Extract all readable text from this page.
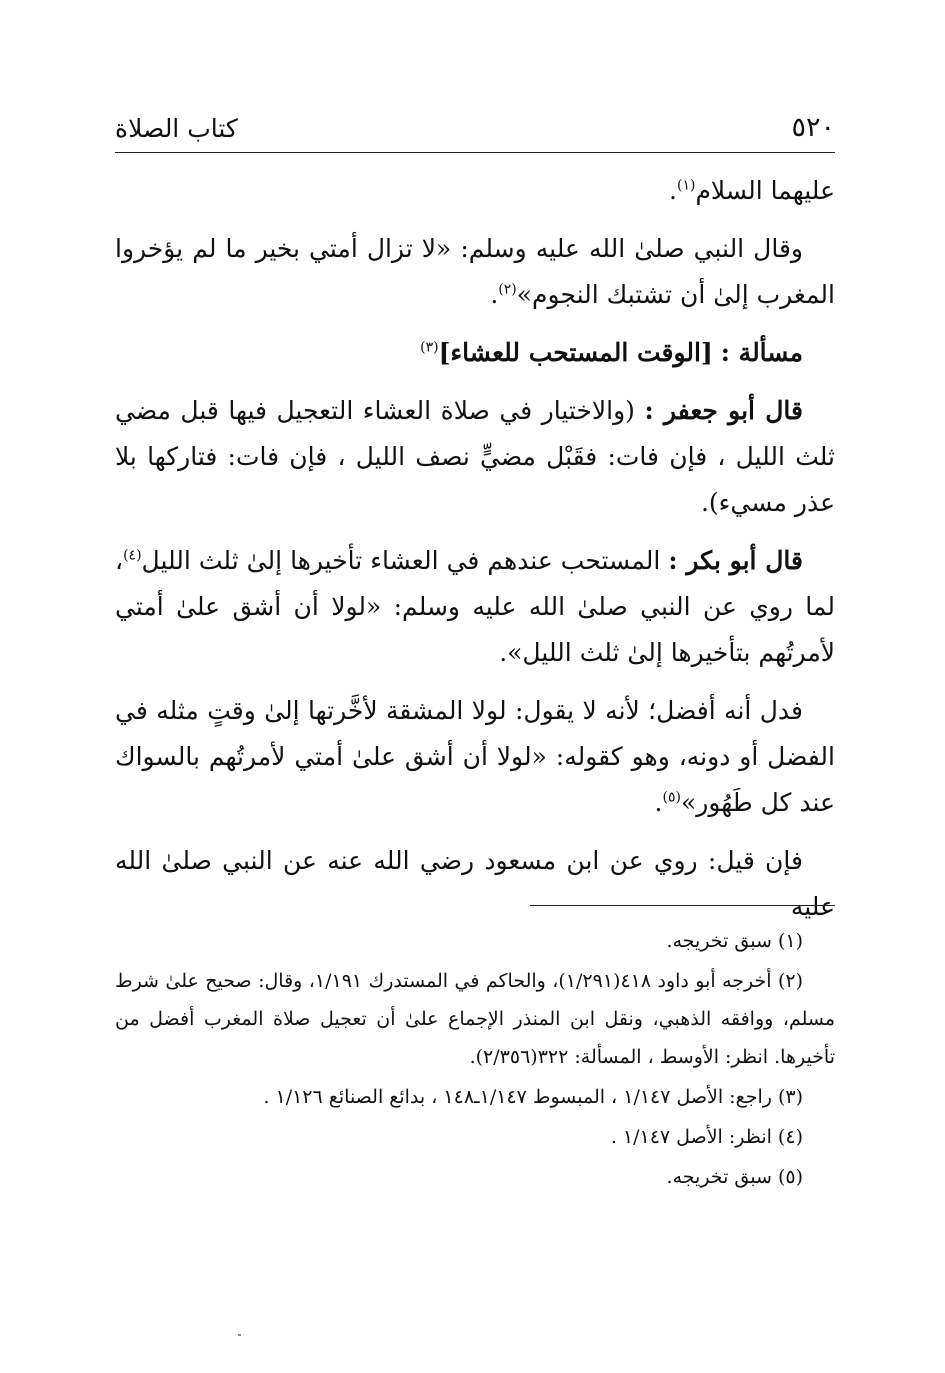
٥٢٠
كتاب الصلاة

عليهما السلام$^{(١)}$.

وقال النبي صلىٰ الله عليه وسلم: «لا تزال أمتي بخير ما لم يؤخروا المغرب إلىٰ أن تشتبك النجوم»$^{(٢)}$.

مسألة : [الوقت المستحب للعشاء]$^{(٣)}$

قال أبو جعفر : (والاختيار في صلاة العشاء التعجيل فيها قبل مضي ثلث الليل ، فإن فات: فقَبْل مضيٍّ نصف الليل ، فإن فات: فتاركها بلا عذر مسيء).

قال أبو بكر : المستحب عندهم في العشاء تأخيرها إلىٰ ثلث الليل$^{(٤)}$، لما روي عن النبي صلىٰ الله عليه وسلم: «لولا أن أشق علىٰ أمتي لأمرتُهم بتأخيرها إلىٰ ثلث الليل».

فدل أنه أفضل؛ لأنه لا يقول: لولا المشقة لأخَّرتها إلىٰ وقتٍ مثله في الفضل أو دونه، وهو كقوله: «لولا أن أشق علىٰ أمتي لأمرتُهم بالسواك عند كل طَهُور»$^{(٥)}$.

فإن قيل: روي عن ابن مسعود رضي الله عنه عن النبي صلىٰ الله عليه

(١) سبق تخريجه.

(٢) أخرجه أبو داود ٤١٨(١/٢٩١)، والحاكم في المستدرك ١/١٩١، وقال: صحيح علىٰ شرط مسلم، ووافقه الذهبي، ونقل ابن المنذر الإجماع علىٰ أن تعجيل صلاة المغرب أفضل من تأخيرها. انظر: الأوسط ، المسألة: ٣٢٢(٢/٣٥٦).

(٣) راجع: الأصل ١/١٤٧ ، المبسوط ١/١٤٧ـ١٤٨ ، بدائع الصنائع ١/١٢٦ .

(٤) انظر: الأصل ١/١٤٧ .

(٥) سبق تخريجه.
